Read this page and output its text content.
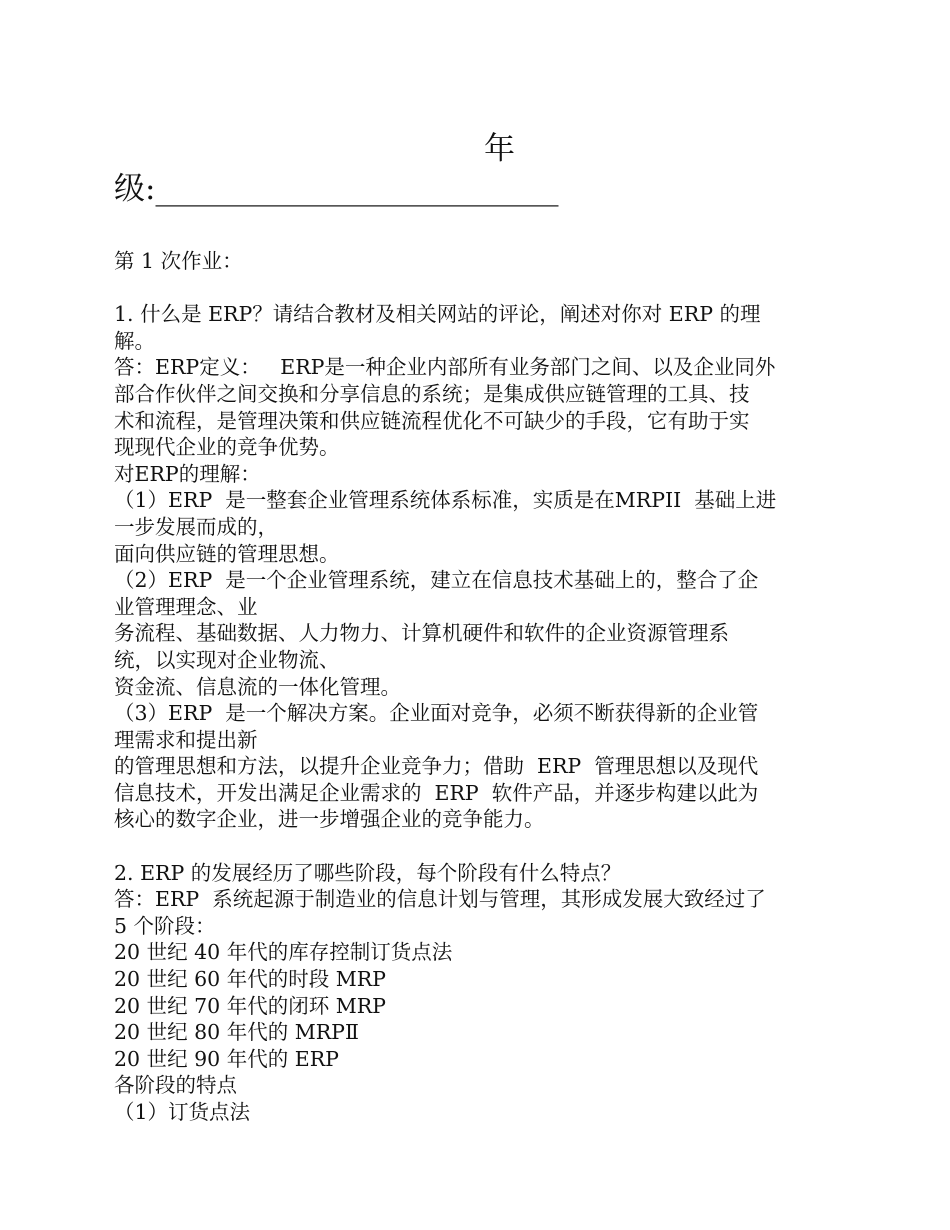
年
级:__________________________
第 1 次作业：
1. 什么是 ERP？请结合教材及相关网站的评论，阐述对你对 ERP 的理
解。
答：ERP定义：   ERP是一种企业内部所有业务部门之间、以及企业同外
部合作伙伴之间交换和分享信息的系统；是集成供应链管理的工具、技
术和流程，是管理决策和供应链流程优化不可缺少的手段，它有助于实
现现代企业的竞争优势。
对ERP的理解：
（1）ERP  是一整套企业管理系统体系标准，实质是在MRPII  基础上进
一步发展而成的，
面向供应链的管理思想。
（2）ERP  是一个企业管理系统，建立在信息技术基础上的，整合了企
业管理理念、业
务流程、基础数据、人力物力、计算机硬件和软件的企业资源管理系
统，以实现对企业物流、
资金流、信息流的一体化管理。
（3）ERP  是一个解决方案。企业面对竞争，必须不断获得新的企业管
理需求和提出新
的管理思想和方法，以提升企业竞争力；借助  ERP  管理思想以及现代
信息技术，开发出满足企业需求的  ERP  软件产品，并逐步构建以此为
核心的数字企业，进一步增强企业的竞争能力。
2. ERP 的发展经历了哪些阶段，每个阶段有什么特点？
答：ERP  系统起源于制造业的信息计划与管理，其形成发展大致经过了
5 个阶段：
20 世纪 40 年代的库存控制订货点法
20 世纪 60 年代的时段 MRP
20 世纪 70 年代的闭环 MRP
20 世纪 80 年代的 MRPⅡ
20 世纪 90 年代的 ERP
各阶段的特点
（1）订货点法
